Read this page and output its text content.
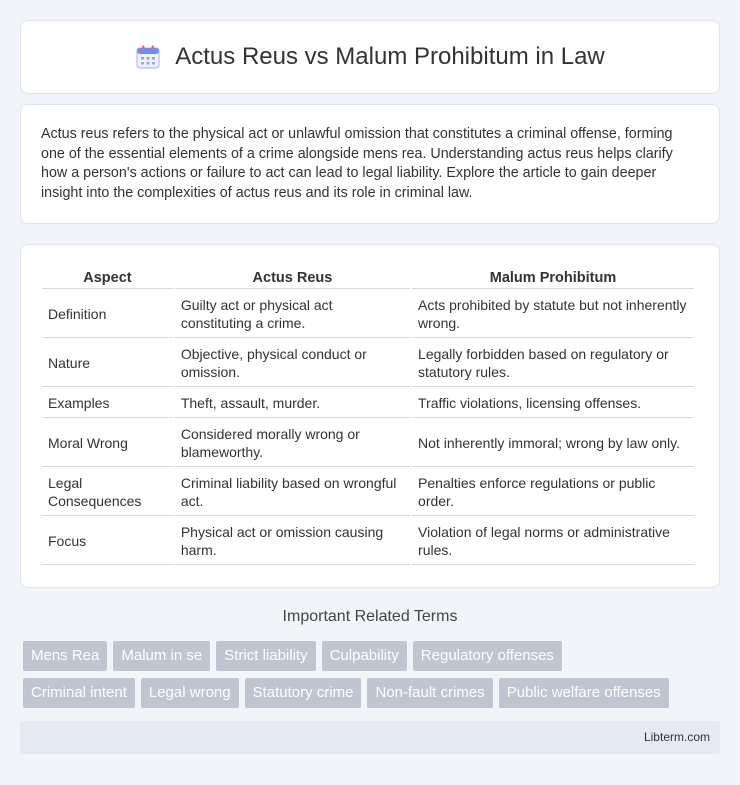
Actus Reus vs Malum Prohibitum in Law

Actus reus refers to the physical act or unlawful omission that constitutes a criminal offense, forming one of the essential elements of a crime alongside mens rea. Understanding actus reus helps clarify how a person's actions or failure to act can lead to legal liability. Explore the article to gain deeper insight into the complexities of actus reus and its role in criminal law.

Aspect	Actus Reus	Malum Prohibitum
Definition	Guilty act or physical act constituting a crime.	Acts prohibited by statute but not inherently wrong.
Nature	Objective, physical conduct or omission.	Legally forbidden based on regulatory or statutory rules.
Examples	Theft, assault, murder.	Traffic violations, licensing offenses.
Moral Wrong	Considered morally wrong or blameworthy.	Not inherently immoral; wrong by law only.
Legal Consequences	Criminal liability based on wrongful act.	Penalties enforce regulations or public order.
Focus	Physical act or omission causing harm.	Violation of legal norms or administrative rules.
Important Related Terms
Mens Rea	Malum in se	Strict liability	Culpability	Regulatory offenses
Criminal intent	Legal wrong	Statutory crime	Non-fault crimes	Public welfare offenses
Libterm.com
